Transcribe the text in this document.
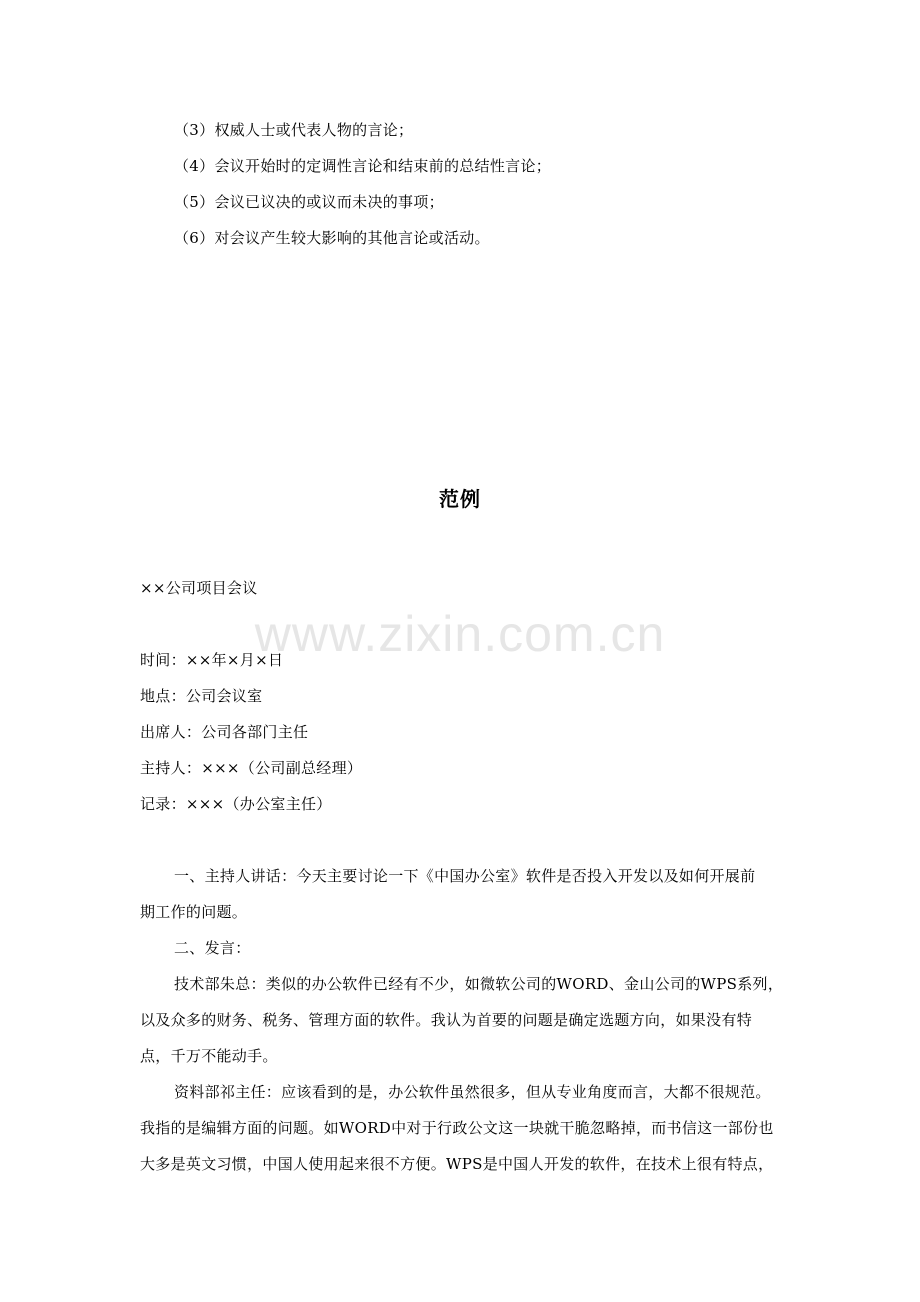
（3）权威人士或代表人物的言论；
（4）会议开始时的定调性言论和结束前的总结性言论；
（5）会议已议决的或议而未决的事项；
（6）对会议产生较大影响的其他言论或活动。
范例
www.zixin.com.cn
××公司项目会议
时间：××年×月×日
地点：公司会议室
出席人：公司各部门主任
主持人：×××（公司副总经理）
记录：×××（办公室主任）
一、主持人讲话：今天主要讨论一下《中国办公室》软件是否投入开发以及如何开展前
期工作的问题。
二、发言：
技术部朱总：类似的办公软件已经有不少，如微软公司的WORD、金山公司的WPS系列，
以及众多的财务、税务、管理方面的软件。我认为首要的问题是确定选题方向，如果没有特
点，千万不能动手。
资料部祁主任：应该看到的是，办公软件虽然很多，但从专业角度而言，大都不很规范。
我指的是编辑方面的问题。如WORD中对于行政公文这一块就干脆忽略掉，而书信这一部份也
大多是英文习惯，中国人使用起来很不方便。WPS是中国人开发的软件，在技术上很有特点，
